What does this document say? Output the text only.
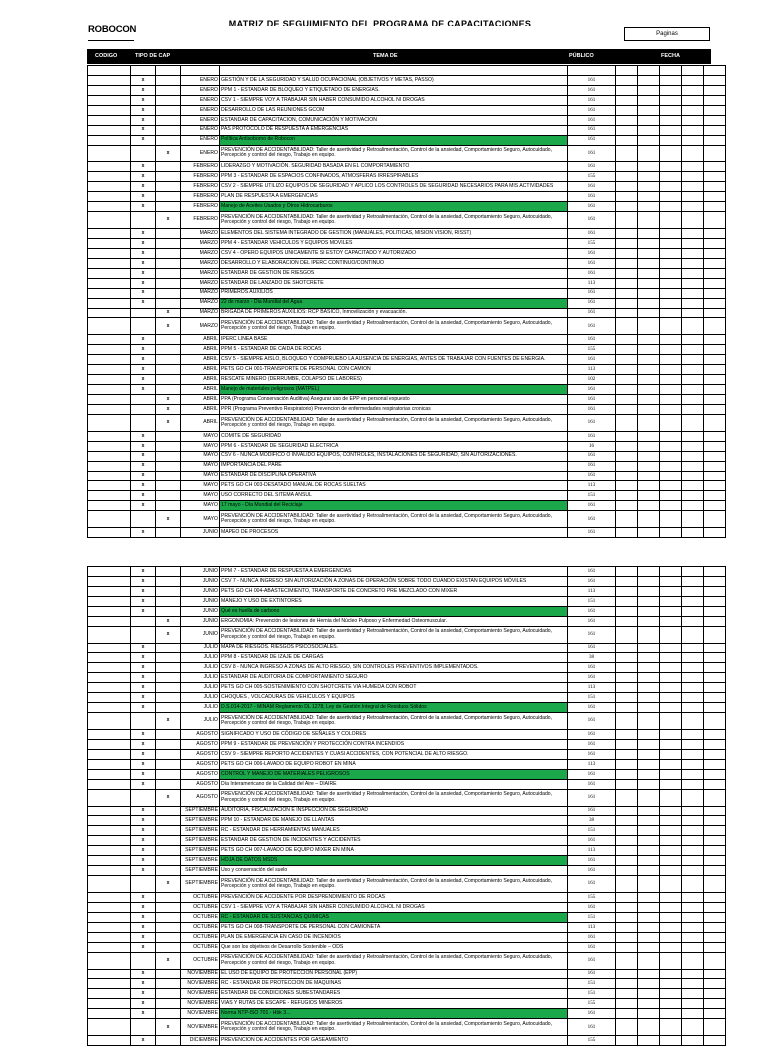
ROBOCON	MATRIZ DE SEGUIMIENTO DEL PROGRAMA DE CAPACITACIONES
Paginas
CODIGO	TIPO DE CAP	TEMA DE	PÚBLICO	FECHA

	x		ENERO	GESTIÓN Y DE LA SEGURIDAD Y SALUD OCUPACIONAL (OBJETIVOS Y METAS, PASSO)	161					
	x		ENERO	PPM 1 - ESTANDAR DE BLOQUEO Y ETIQUETADO DE ENERGIAS.	161					
	x		ENERO	CSV 1 - SIEMPRE VOY A TRABAJAR SIN HABER CONSUMIDO ALCOHOL NI DROGAS	161					
	x		ENERO	DESARROLLO DE LAS REUNIONES GCOM	161					
	x		ENERO	ESTANDAR DE CAPACITACION, COMUNICACIÓN Y MOTIVACION	161					
	x		ENERO	PAS PROTOCOLO DE RESPUESTA A EMERGENCIAS	161					
	x		ENERO	Política Antisoborno de Robocon	161					
		x	ENERO	PREVENCIÓN DE ACCIDENTABILIDAD: Taller de asertividad y Retroalimentación, Control de la ansiedad, Comportamiento Seguro, Autocuidado, Percepción y control del riesgo, Trabajo en equipo.	161					
	x		FEBRERO	LIDERAZGO Y MOTIVACIÓN. SEGURIDAD BASADA EN EL COMPORTAMIENTO	161					
	x		FEBRERO	PPM 3 - ESTANDAR DE ESPACIOS CONFINADOS, ATMOSFERAS IRRESPIRABLES	155					
	x		FEBRERO	CSV 2 - SIEMPRE UTILIZO EQUIPOS DE SEGURIDAD Y APLICO LOS CONTROLES DE SEGURIDAD NECESARIOS PARA MIS ACTIVIDADES	161					
	x		FEBRERO	PLAN DE RESPUESTA A EMERGENCIAS	161					
	x		FEBRERO	Manejo de Aceites Usados y Otros Hidrocarburos	161					
		x	FEBRERO	PREVENCIÓN DE ACCIDENTABILIDAD: Taller de asertividad y Retroalimentación, Control de la ansiedad, Comportamiento Seguro, Autocuidado, Percepción y control del riesgo, Trabajo en equipo.	161					
	x		MARZO	ELEMENTOS DEL SISTEMA INTEGRADO DE GESTION (MANUALES, POLITICAS, MISION VISION, RISST)	161					
	x		MARZO	PPM 4 - ESTANDAR VEHICULOS Y EQUIPOS MOVILES	155					
	x		MARZO	CSV 4 - OPERO EQUIPOS UNICAMENTE SI ESTOY CAPACITADO Y AUTORIZADO	161					
	x		MARZO	DESARROLLO Y ELABORACION DEL IPERC CONTINUO/CONTINUO	161					
	x		MARZO	ESTANDAR DE GESTION DE RIESGOS	161					
	x		MARZO	ESTANDAR DE LANZADO DE SHOTCRETE	113					
	x		MARZO	PRIMEROS AUXILIOS	161					
	x		MARZO	22 de marzo - Día Mundial del Agua	161					
		x	MARZO	BRIGADA DE PRIMEROS AUXILIOS: RCP BASICO, Inmovilización y evacuación.	161					
		x	MARZO	PREVENCIÓN DE ACCIDENTABILIDAD: Taller de asertividad y Retroalimentación, Control de la ansiedad, Comportamiento Seguro, Autocuidado, Percepción y control del riesgo, Trabajo en equipo.	161					
	x		ABRIL	IPERC LINEA BASE	161					
	x		ABRIL	PPM 5 - ESTANDAR DE CAIDA DE ROCAS	155					
	x		ABRIL	CSV 5 - SIEMPRE AISLO, BLOQUEO Y COMPRUEBO LA AUSENCIA DE ENERGIAS, ANTES DE TRABAJAR CON FUENTES DE ENERGIA.	161					
	x		ABRIL	PETS GO CH 001-TRANSPORTE DE PERSONAL CON CAMION	113					
	x		ABRIL	RESCATE MINERO (DERRUMBE, COLAPSO DE LABORES)	102					
	x		ABRIL	Manejo de materiales peligrosos (MATPEL)	161					
		x	ABRIL	PPA (Programa Conservación Auditiva) Asegurar uso de EPP en personal expuesto	161					
		x	ABRIL	PPR (Programa Preventivo Respiratorio) Prevencion de enfermedades respiratorias cronicas	161					
		x	ABRIL	PREVENCIÓN DE ACCIDENTABILIDAD: Taller de asertividad y Retroalimentación, Control de la ansiedad, Comportamiento Seguro, Autocuidado, Percepción y control del riesgo, Trabajo en equipo.	161					
	x		MAYO	COMITE DE SEGURIDAD	161					
	x		MAYO	PPM 6 - ESTANDAR DE SEGURIDAD ELECTRICA	16					
	x		MAYO	CSV 6 - NUNCA MODIFICO O INVALIDO EQUIPOS, CONTROLES, INSTALACIONES DE SEGURIDAD, SIN AUTORIZACIONES.	161					
	x		MAYO	IMPORTANCIA DEL PARE	161					
	x		MAYO	ESTANDAR DE DISCIPLINA OPERATIVA	161					
	x		MAYO	PETS GO CH 003-DESATADO MANUAL DE ROCAS SUELTAS	113					
	x		MAYO	USO CORRECTO DEL SITEMA ANSUL	151					
	x		MAYO	17 mayo - Día Mundial del Reciclaje	161					
		x	MAYO	PREVENCIÓN DE ACCIDENTABILIDAD: Taller de asertividad y Retroalimentación, Control de la ansiedad, Comportamiento Seguro, Autocuidado, Percepción y control del riesgo, Trabajo en equipo.	161					
	x		JUNIO	MAPEO DE PROCESOS	161					
	x		JUNIO	PPM 7 - ESTANDAR DE RESPUESTA A EMERGENCIAS	161					
	x		JUNIO	CSV 7 - NUNCA INGRESO SIN AUTORIZACIÓN A ZONAS DE OPERACIÓN SOBRE TODO CUANDO EXISTAN EQUIPOS MÓVILES	161					
	x		JUNIO	PETS GO CH 004-ABASTECIMIENTO, TRANSPORTE DE CONCRETO PRE MEZCLADO CON MIXER	113					
	x		JUNIO	MANEJO Y USO DE EXTINTORES	151					
	x		JUNIO	Qué es huella de carbono	161					
		x	JUNIO	ERGONOMIA: Prevención de lesiones de Hernia del Núcleo Pulposo y Enfermedad Osteomuscular.	161					
		x	JUNIO	PREVENCIÓN DE ACCIDENTABILIDAD: Taller de asertividad y Retroalimentación, Control de la ansiedad, Comportamiento Seguro, Autocuidado, Percepción y control del riesgo, Trabajo en equipo.	161					
	x		JULIO	MAPA DE RIESGOS. RIESGOS PSICOSOCIALES.	161					
	x		JULIO	PPM 8 - ESTANDAR DE IZAJE DE CARGAS	38					
	x		JULIO	CSV 8 - NUNCA INGRESO A ZONAS DE ALTO RIESGO, SIN CONTROLES PREVENTIVOS IMPLEMENTADOS.	161					
	x		JULIO	ESTANDAR DE AUDITORIA DE COMPORTAMIENTO SEGURO	161					
	x		JULIO	PETS GO CH 005-SOSTENIMIENTO CON SHOTCRETE VIA HUMEDA CON ROBOT	113					
	x		JULIO	CHOQUES , VOLCADURAS DE VEHICULOS Y EQUIPOS	151					
	x		JULIO	D.S.014-2017 - MINAM Reglamento DL 1278, Ley de Gestión Integral de Residuos Sólidos	161					
		x	JULIO	PREVENCIÓN DE ACCIDENTABILIDAD: Taller de asertividad y Retroalimentación, Control de la ansiedad, Comportamiento Seguro, Autocuidado, Percepción y control del riesgo, Trabajo en equipo.	161					
	x		AGOSTO	SIGNIFICADO Y USO DE CÓDIGO DE SEÑALES Y COLORES	161					
	x		AGOSTO	PPM 9 - ESTANDAR DE PREVENCIÓN Y PROTECCIÓN CONTRA INCENDIOS	161					
	x		AGOSTO	CSV 9 - SIEMPRE REPORTO ACCIDENTES Y CUASI ACCIDENTES, CON POTENCIAL DE ALTO RIESGO.	161					
	x		AGOSTO	PETS GO CH 006-LAVADO DE EQUIPO ROBOT EN MINA	113					
	x		AGOSTO	CONTROL Y MANEJO DE MATERIALES PELIGROSOS	161					
	x		AGOSTO	Día Interamericano de la Calidad del Aire – DIAIRE	161					
		x	AGOSTO	PREVENCIÓN DE ACCIDENTABILIDAD: Taller de asertividad y Retroalimentación, Control de la ansiedad, Comportamiento Seguro, Autocuidado, Percepción y control del riesgo, Trabajo en equipo.	161					
	x		SEPTIEMBRE	AUDITORIA, FISCALIZACIÓN E INSPECCIÓN DE SEGURIDAD	161					
	x		SEPTIEMBRE	PPM 10 - ESTANDAR DE MANEJO DE LLANTAS	38					
	x		SEPTIEMBRE	RC - ESTANDAR DE HERRAMIENTAS MANUALES	151					
	x		SEPTIEMBRE	ESTANDAR DE GESTION DE INCIDENTES Y ACCIDENTES	161					
	x		SEPTIEMBRE	PETS GO CH 007-LAVADO DE EQUIPO MIXER EN MINA	113					
	x		SEPTIEMBRE	HOJA DE DATOS MSDS	161					
	x		SEPTIEMBRE	Uso y conservación del suelo	161					
		x	SEPTIEMBRE	PREVENCIÓN DE ACCIDENTABILIDAD: Taller de asertividad y Retroalimentación, Control de la ansiedad, Comportamiento Seguro, Autocuidado, Percepción y control del riesgo, Trabajo en equipo.	161					
	x		OCTUBRE	PREVENCIÓN DE ACCIDENTE POR DESPRENDIMIENTO DE ROCAS	155					
	x		OCTUBRE	CSV 1 - SIEMPRE VOY A TRABAJAR SIN HABER CONSUMIDO ALCOHOL NI DROGAS	161					
	x		OCTUBRE	RC - ESTANDAR DE SUSTANCIAS QUIMICAS	151					
	x		OCTUBRE	PETS GO CH 008-TRANSPORTE DE PERSONAL CON CAMIONETA	113					
	x		OCTUBRE	PLAN DE EMERGENCIA EN CASO DE INCENDIOS	161					
	x		OCTUBRE	Que son los objetivos de Desarrollo Sostenible – ODS	161					
		x	OCTUBRE	PREVENCIÓN DE ACCIDENTABILIDAD: Taller de asertividad y Retroalimentación, Control de la ansiedad, Comportamiento Seguro, Autocuidado, Percepción y control del riesgo, Trabajo en equipo.	161					
	x		NOVIEMBRE	EL USO DE EQUIPO DE PROTECCIÓN PERSONAL (EPP)	161					
	x		NOVIEMBRE	RC - ESTANDAR DE PROTECCION DE MAQUINAS	151					
	x		NOVIEMBRE	ESTANDAR DE CONDICIONES SUBESTANDARES	151					
	x		NOVIEMBRE	VIAS Y RUTAS DE ESCAPE - REFUGIOS MINEROS	155					
	x		NOVIEMBRE	Norma NTP-ISO 701 - Hbk 3…	161					
		x	NOVIEMBRE	PREVENCIÓN DE ACCIDENTABILIDAD: Taller de asertividad y Retroalimentación, Control de la ansiedad, Comportamiento Seguro, Autocuidado, Percepción y control del riesgo, Trabajo en equipo.	161					
	x		DICIEMBRE	PREVENCION DE ACCIDENTES POR GASEAMIENTO	155					
